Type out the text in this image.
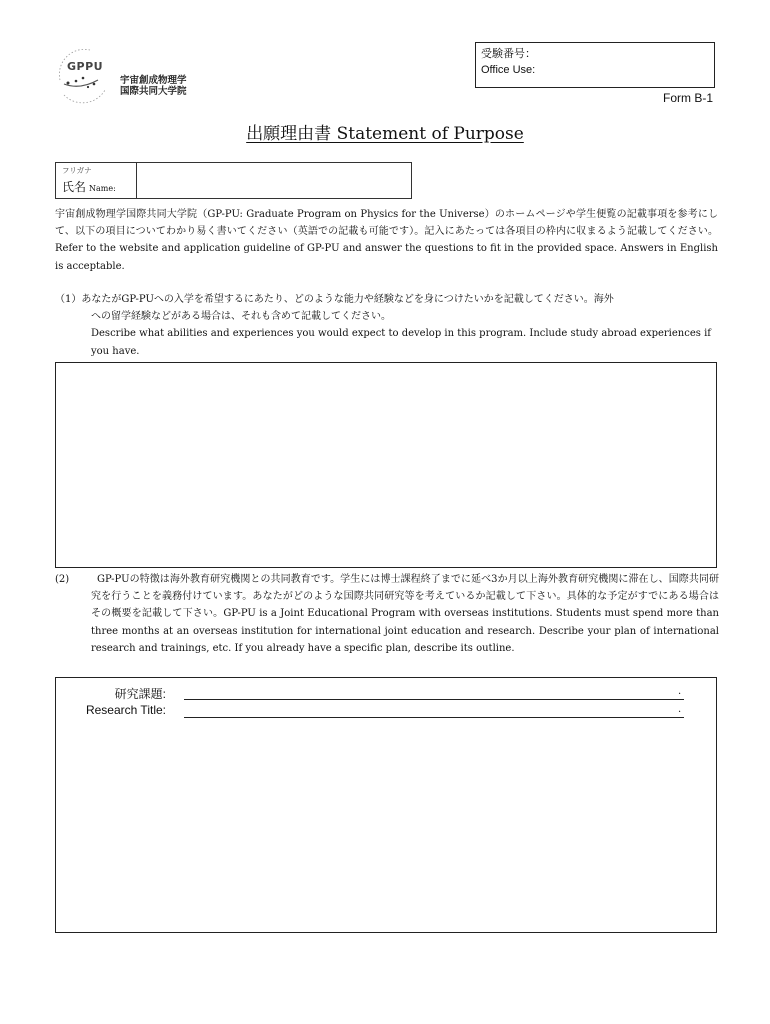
GPPU
宇宙創成物理学
国際共同大学院
受験番号：
Office Use:
Form B-1
出願理由書 Statement of Purpose
フリガナ
氏名 Name:
宇宙創成物理学国際共同大学院（GP-PU: Graduate Program on Physics for the Universe）のホームページや学生便覧の記載事項を参考にして、以下の項目についてわかり易く書いてください（英語での記載も可能です）。記入にあたっては各項目の枠内に収まるよう記載してください。Refer to the website and application guideline of GP-PU and answer the questions to fit in the provided space. Answers in English is acceptable.
（1）あなたがGP-PUへの入学を希望するにあたり、どのような能力や経験などを身につけたいかを記載してください。海外
への留学経験などがある場合は、それも含めて記載してください。
Describe what abilities and experiences you would expect to develop in this program. Include study abroad experiences if you have.
(2)	GP-PUの特徴は海外教育研究機関との共同教育です。学生には博士課程終了までに延べ3か月以上海外教育研究機関に滞在し、国際共同研究を行うことを義務付けています。あなたがどのような国際共同研究等を考えているか記載して下さい。具体的な予定がすでにある場合はその概要を記載して下さい。GP-PU is a Joint Educational Program with overseas institutions. Students must spend more than three months at an overseas institution for international joint education and research. Describe your plan of international research and trainings, etc. If you already have a specific plan, describe its outline.
研究課題:	.
Research Title:	.
